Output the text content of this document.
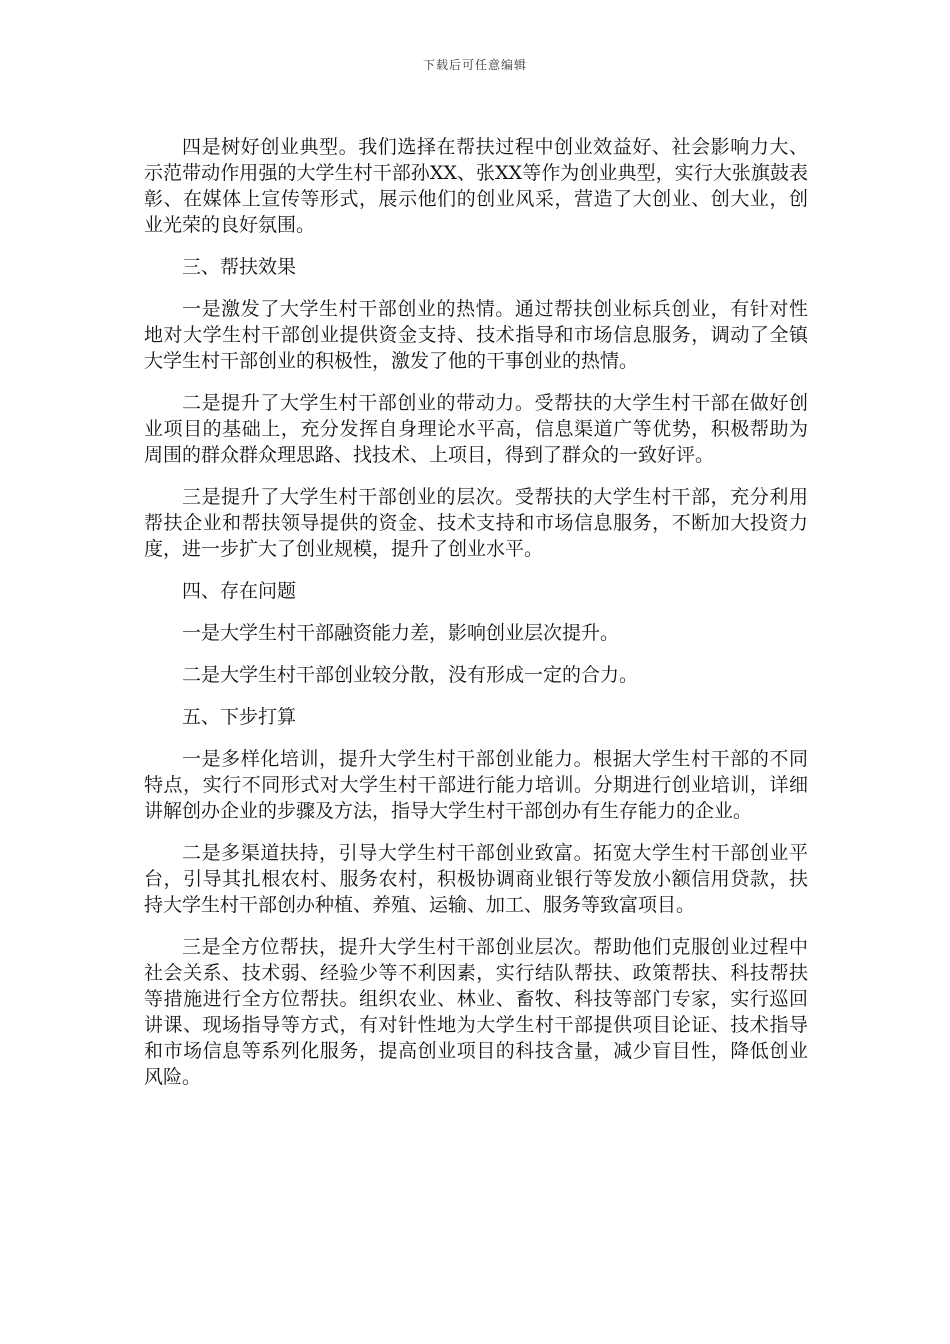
下载后可任意编辑

四是树好创业典型。我们选择在帮扶过程中创业效益好、社会影响力大、示范带动作用强的大学生村干部孙XX、张XX等作为创业典型，实行大张旗鼓表彰、在媒体上宣传等形式，展示他们的创业风采，营造了大创业、创大业，创业光荣的良好氛围。

三、帮扶效果

一是激发了大学生村干部创业的热情。通过帮扶创业标兵创业，有针对性地对大学生村干部创业提供资金支持、技术指导和市场信息服务，调动了全镇大学生村干部创业的积极性，激发了他的干事创业的热情。

二是提升了大学生村干部创业的带动力。受帮扶的大学生村干部在做好创业项目的基础上，充分发挥自身理论水平高，信息渠道广等优势，积极帮助为周围的群众群众理思路、找技术、上项目，得到了群众的一致好评。

三是提升了大学生村干部创业的层次。受帮扶的大学生村干部，充分利用帮扶企业和帮扶领导提供的资金、技术支持和市场信息服务，不断加大投资力度，进一步扩大了创业规模，提升了创业水平。

四、存在问题

一是大学生村干部融资能力差，影响创业层次提升。

二是大学生村干部创业较分散，没有形成一定的合力。

五、下步打算

一是多样化培训，提升大学生村干部创业能力。根据大学生村干部的不同特点，实行不同形式对大学生村干部进行能力培训。分期进行创业培训，详细讲解创办企业的步骤及方法，指导大学生村干部创办有生存能力的企业。

二是多渠道扶持，引导大学生村干部创业致富。拓宽大学生村干部创业平台，引导其扎根农村、服务农村，积极协调商业银行等发放小额信用贷款，扶持大学生村干部创办种植、养殖、运输、加工、服务等致富项目。

三是全方位帮扶，提升大学生村干部创业层次。帮助他们克服创业过程中社会关系、技术弱、经验少等不利因素，实行结队帮扶、政策帮扶、科技帮扶等措施进行全方位帮扶。组织农业、林业、畜牧、科技等部门专家，实行巡回讲课、现场指导等方式，有对针性地为大学生村干部提供项目论证、技术指导和市场信息等系列化服务，提高创业项目的科技含量，减少盲目性，降低创业风险。
